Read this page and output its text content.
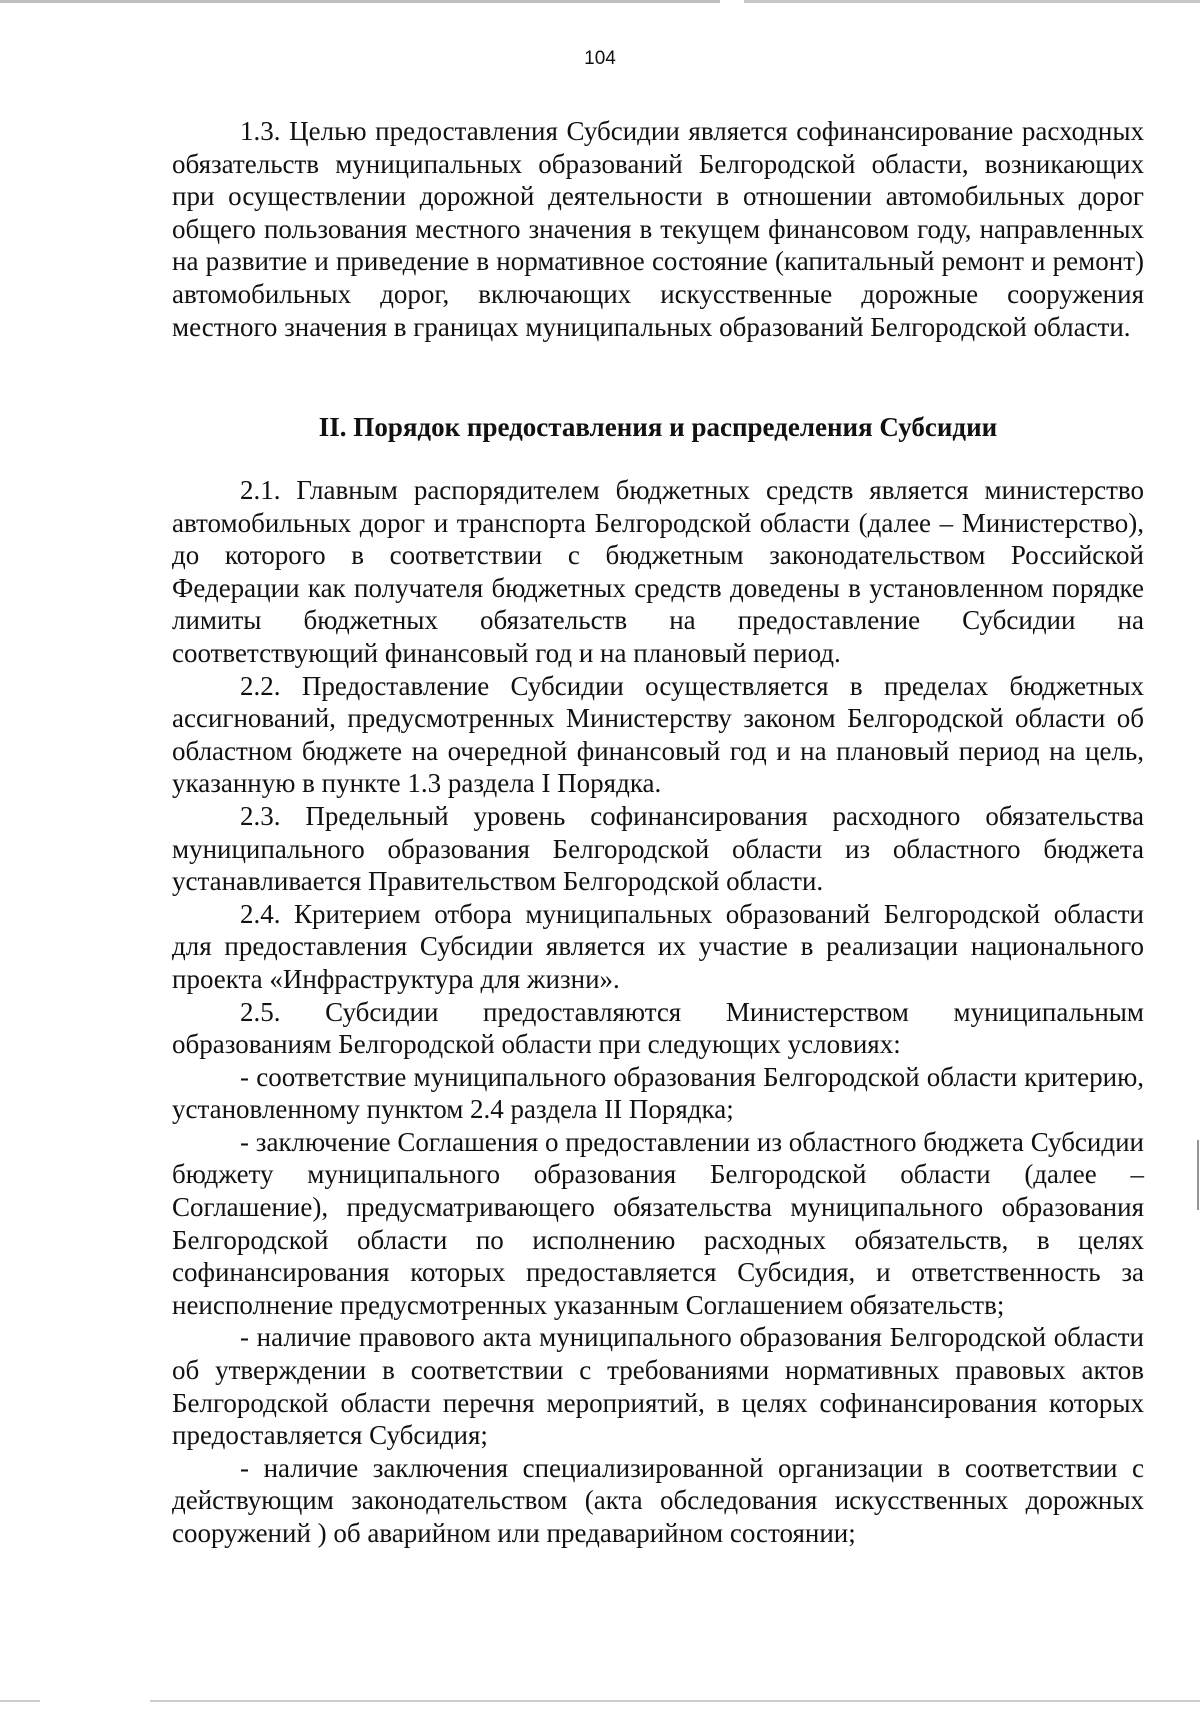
104

1.3. Целью предоставления Субсидии является софинансирование расходных обязательств муниципальных образований Белгородской области, возникающих при осуществлении дорожной деятельности в отношении автомобильных дорог общего пользования местного значения в текущем финансовом году, направленных на развитие и приведение в нормативное состояние (капитальный ремонт и ремонт) автомобильных дорог, включающих искусственные дорожные сооружения местного значения в границах муниципальных образований Белгородской области.

II. Порядок предоставления и распределения Субсидии

2.1. Главным распорядителем бюджетных средств является министерство автомобильных дорог и транспорта Белгородской области (далее – Министерство), до которого в соответствии с бюджетным законодательством Российской Федерации как получателя бюджетных средств доведены в установленном порядке лимиты бюджетных обязательств на предоставление Субсидии на соответствующий финансовый год и на плановый период.

2.2. Предоставление Субсидии осуществляется в пределах бюджетных ассигнований, предусмотренных Министерству законом Белгородской области об областном бюджете на очередной финансовый год и на плановый период на цель, указанную в пункте 1.3 раздела I Порядка.

2.3. Предельный уровень софинансирования расходного обязательства муниципального образования Белгородской области из областного бюджета устанавливается Правительством Белгородской области.

2.4. Критерием отбора муниципальных образований Белгородской области для предоставления Субсидии является их участие в реализации национального проекта «Инфраструктура для жизни».

2.5. Субсидии предоставляются Министерством муниципальным образованиям Белгородской области при следующих условиях:

- соответствие муниципального образования Белгородской области критерию, установленному пунктом 2.4 раздела II Порядка;

- заключение Соглашения о предоставлении из областного бюджета Субсидии бюджету муниципального образования Белгородской области (далее – Соглашение), предусматривающего обязательства муниципального образования Белгородской области по исполнению расходных обязательств, в целях софинансирования которых предоставляется Субсидия, и ответственность за неисполнение предусмотренных указанным Соглашением обязательств;

- наличие правового акта муниципального образования Белгородской области об утверждении в соответствии с требованиями нормативных правовых актов Белгородской области перечня мероприятий, в целях софинансирования которых предоставляется Субсидия;

- наличие заключения специализированной организации в соответствии с действующим законодательством (акта обследования искусственных дорожных сооружений ) об аварийном или предаварийном состоянии;
